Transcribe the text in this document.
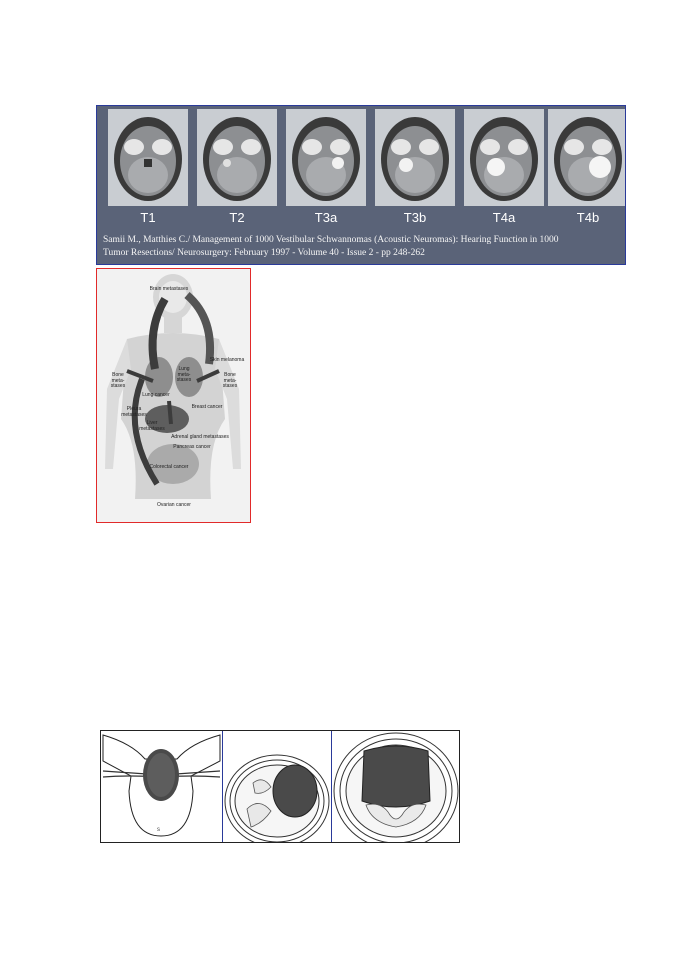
T1	T2	T3a	T3b	T4a	T4b
Samii M., Matthies C./ Management of 1000 Vestibular Schwannomas (Acoustic Neuromas): Hearing Function in 1000
Tumor Resections/ Neurosurgery: February 1997 - Volume 40 - Issue 2 - pp 248-262
Brain metastases
Skin melanoma
Bone meta- stases
Bone meta- stases
Lung meta- stases
Lung cancer
Breast cancer
Pleura metastases
Liver metastases
Adrenal gland metastases
Pancreas cancer
Colorectal cancer
Ovarian cancer
s
